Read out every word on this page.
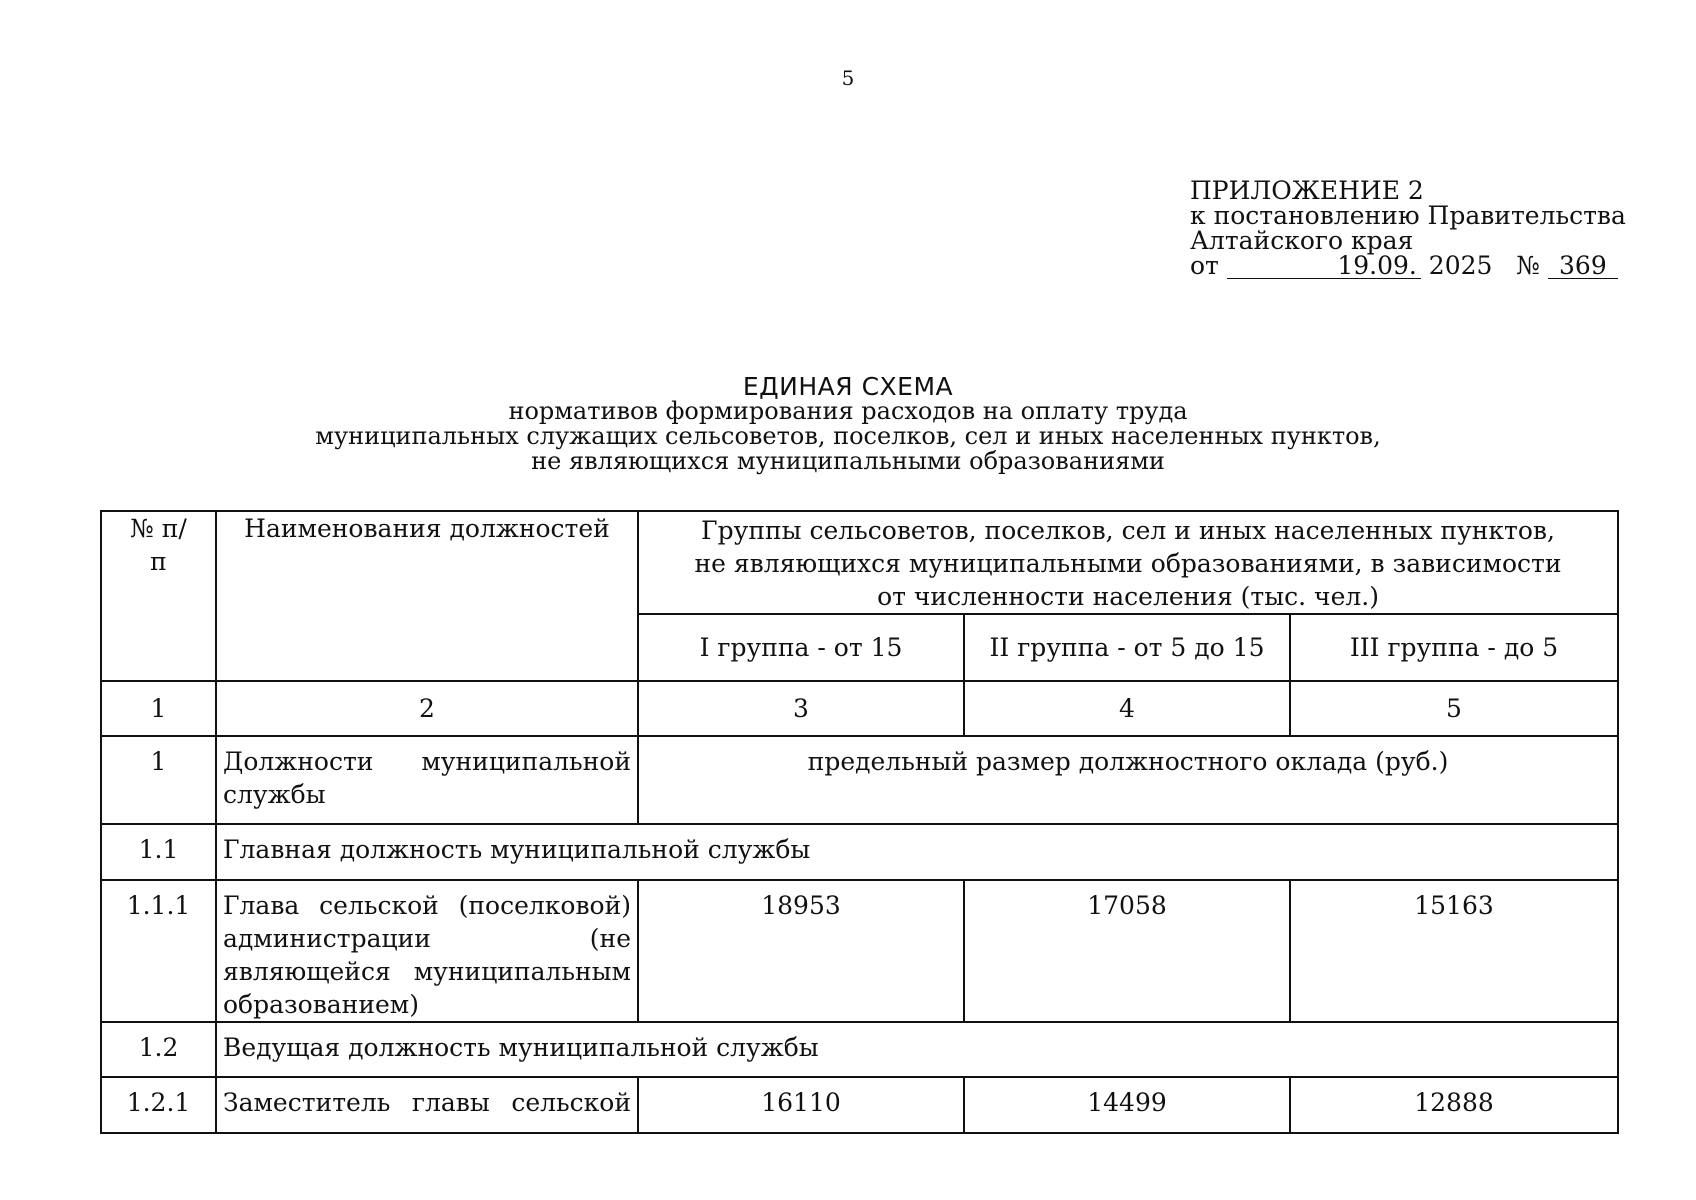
5
ПРИЛОЖЕНИЕ 2
к постановлению Правительства
Алтайского края
от	19.09. 2025 № 369
ЕДИНАЯ СХЕМА
нормативов формирования расходов на оплату труда
муниципальных служащих сельсоветов, поселков, сел и иных населенных пунктов,
не являющихся муниципальными образованиями
№ п/п	Наименования должностей	Группы сельсоветов, поселков, сел и иных населенных пунктов,
не являющихся муниципальными образованиями, в зависимости
от численности населения (тыс. чел.)		

		I группа - от 15	II группа - от 5 до 15	III группа - до 5
1	2	3	4	5
1	Должности муниципальной службы	предельный размер должностного оклада (руб.)		
1.1	Главная должность муниципальной службы			
1.1.1	Глава сельской (поселковой) администрации (не являющейся муниципальным образованием)	18953	17058	15163
1.2	Ведущая должность муниципальной службы			
1.2.1	Заместитель главы сельской	16110	14499	12888
